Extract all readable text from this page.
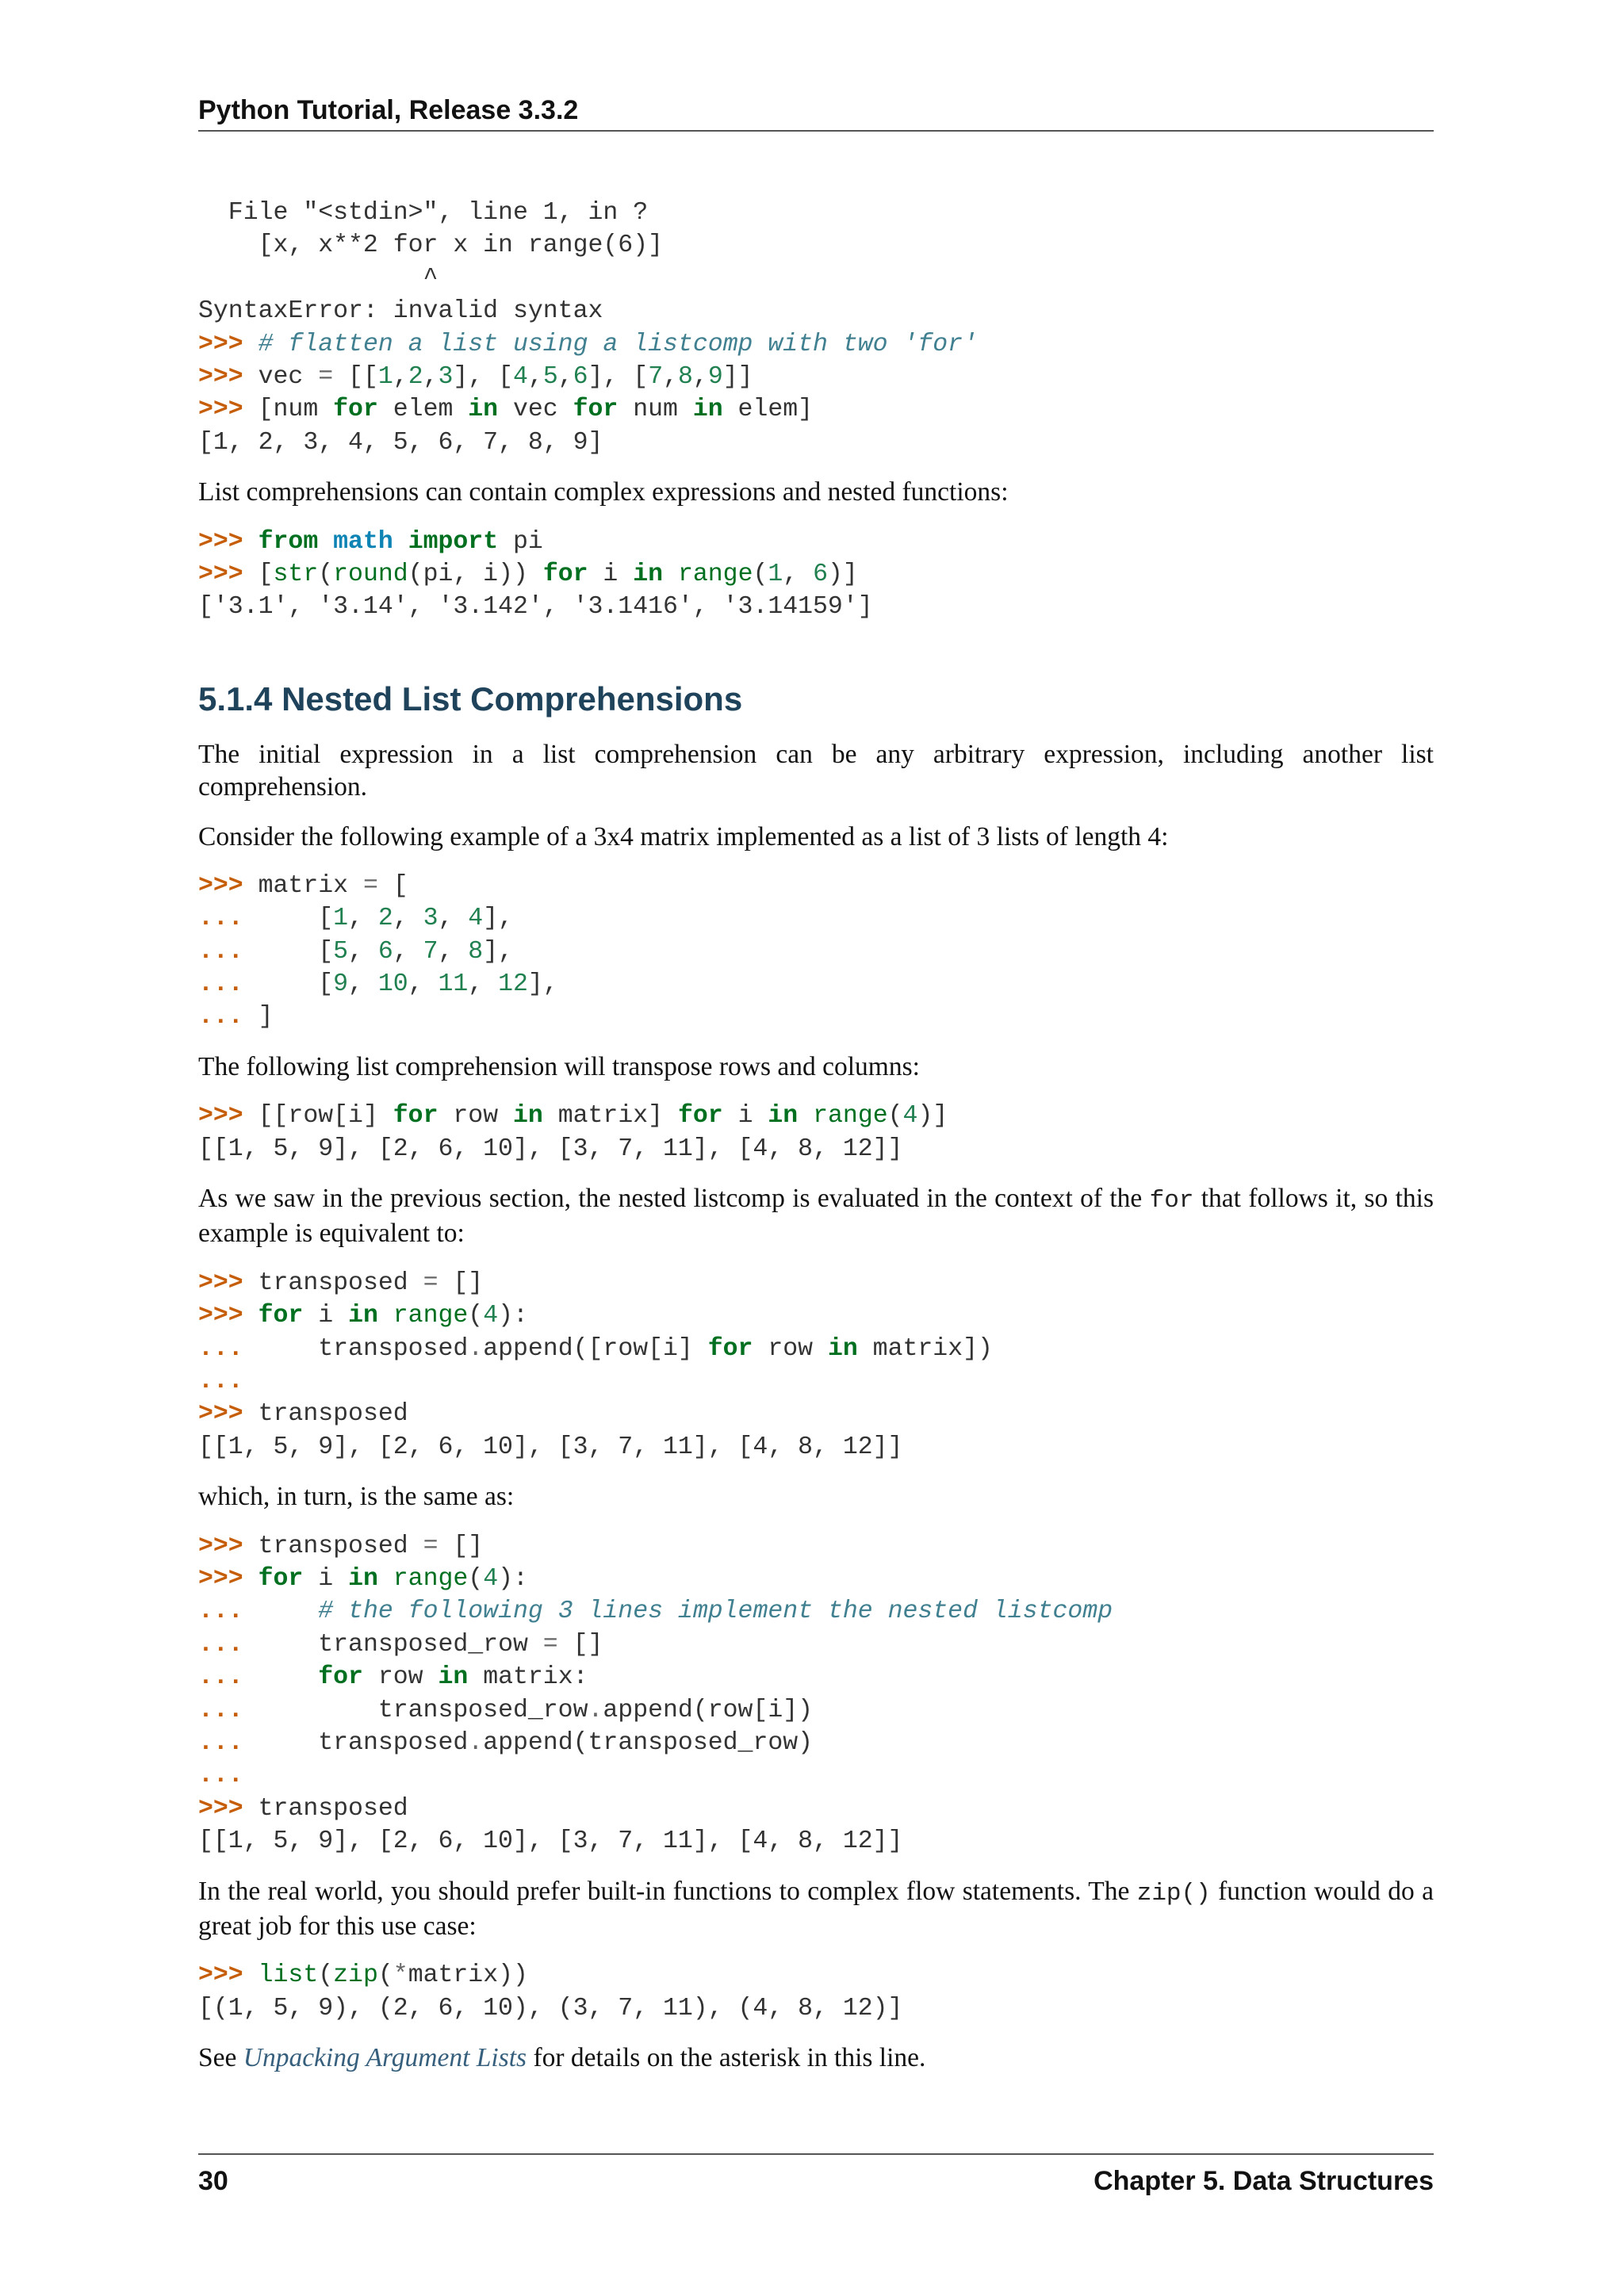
Python Tutorial, Release 3.3.2
File "<stdin>", line 1, in ?
[x, x**2 for x in range(6)]
^
SyntaxError: invalid syntax
>>> # flatten a list using a listcomp with two 'for'
>>> vec = [[1,2,3], [4,5,6], [7,8,9]]
>>> [num for elem in vec for num in elem]
[1, 2, 3, 4, 5, 6, 7, 8, 9]

List comprehensions can contain complex expressions and nested functions:

>>> from math import pi
>>> [str(round(pi, i)) for i in range(1, 6)]
['3.1', '3.14', '3.142', '3.1416', '3.14159']
5.1.4 Nested List Comprehensions

The initial expression in a list comprehension can be any arbitrary expression, including another list comprehension.

Consider the following example of a 3x4 matrix implemented as a list of 3 lists of length 4:

>>> matrix = [
...     [1, 2, 3, 4],
...     [5, 6, 7, 8],
...     [9, 10, 11, 12],
... ]

The following list comprehension will transpose rows and columns:

>>> [[row[i] for row in matrix] for i in range(4)]
[[1, 5, 9], [2, 6, 10], [3, 7, 11], [4, 8, 12]]

As we saw in the previous section, the nested listcomp is evaluated in the context of the for that follows it, so this example is equivalent to:

>>> transposed = []
>>> for i in range(4):
...     transposed.append([row[i] for row in matrix])
...
>>> transposed
[[1, 5, 9], [2, 6, 10], [3, 7, 11], [4, 8, 12]]

which, in turn, is the same as:

>>> transposed = []
>>> for i in range(4):
...     # the following 3 lines implement the nested listcomp
...     transposed_row = []
...     for row in matrix:
...         transposed_row.append(row[i])
...     transposed.append(transposed_row)
...
>>> transposed
[[1, 5, 9], [2, 6, 10], [3, 7, 11], [4, 8, 12]]

In the real world, you should prefer built-in functions to complex flow statements. The zip() function would do a great job for this use case:

>>> list(zip(*matrix))
[(1, 5, 9), (2, 6, 10), (3, 7, 11), (4, 8, 12)]

See Unpacking Argument Lists for details on the asterisk in this line.

30	Chapter 5. Data Structures
